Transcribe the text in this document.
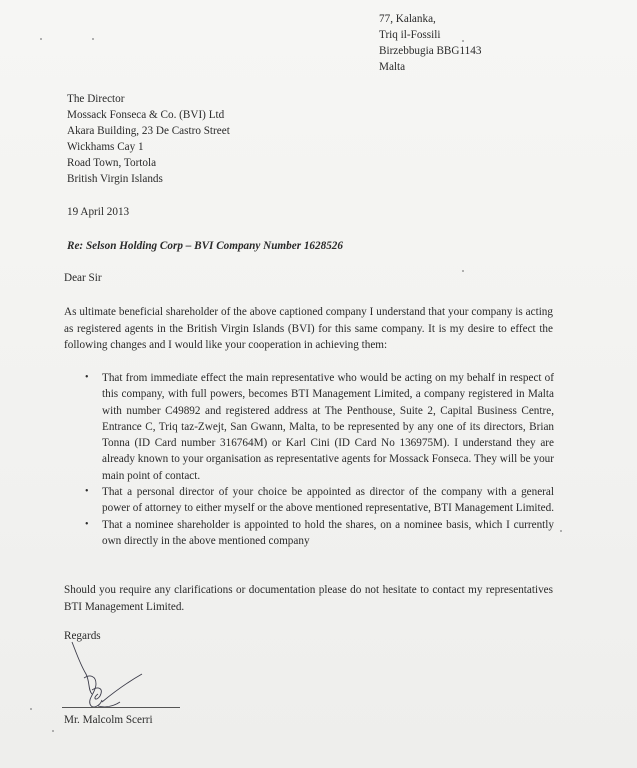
77, Kalanka,
Triq il-Fossili
Birzebbugia BBG1143
Malta
The Director
Mossack Fonseca & Co. (BVI) Ltd
Akara Building, 23 De Castro Street
Wickhams Cay 1
Road Town, Tortola
British Virgin Islands
19 April 2013
Re: Selson Holding Corp – BVI Company Number 1628526
Dear Sir
As ultimate beneficial shareholder of the above captioned company I understand that your company is acting as registered agents in the British Virgin Islands (BVI) for this same company. It is my desire to effect the following changes and I would like your cooperation in achieving them:
• That from immediate effect the main representative who would be acting on my behalf in respect of this company, with full powers, becomes BTI Management Limited, a company registered in Malta with number C49892 and registered address at The Penthouse, Suite 2, Capital Business Centre, Entrance C, Triq taz-Zwejt, San Gwann, Malta, to be represented by any one of its directors, Brian Tonna (ID Card number 316764M) or Karl Cini (ID Card No 136975M). I understand they are already known to your organisation as representative agents for Mossack Fonseca. They will be your main point of contact.
• That a personal director of your choice be appointed as director of the company with a general power of attorney to either myself or the above mentioned representative, BTI Management Limited.
• That a nominee shareholder is appointed to hold the shares, on a nominee basis, which I currently own directly in the above mentioned company
Should you require any clarifications or documentation please do not hesitate to contact my representatives BTI Management Limited.
Regards
Mr. Malcolm Scerri
